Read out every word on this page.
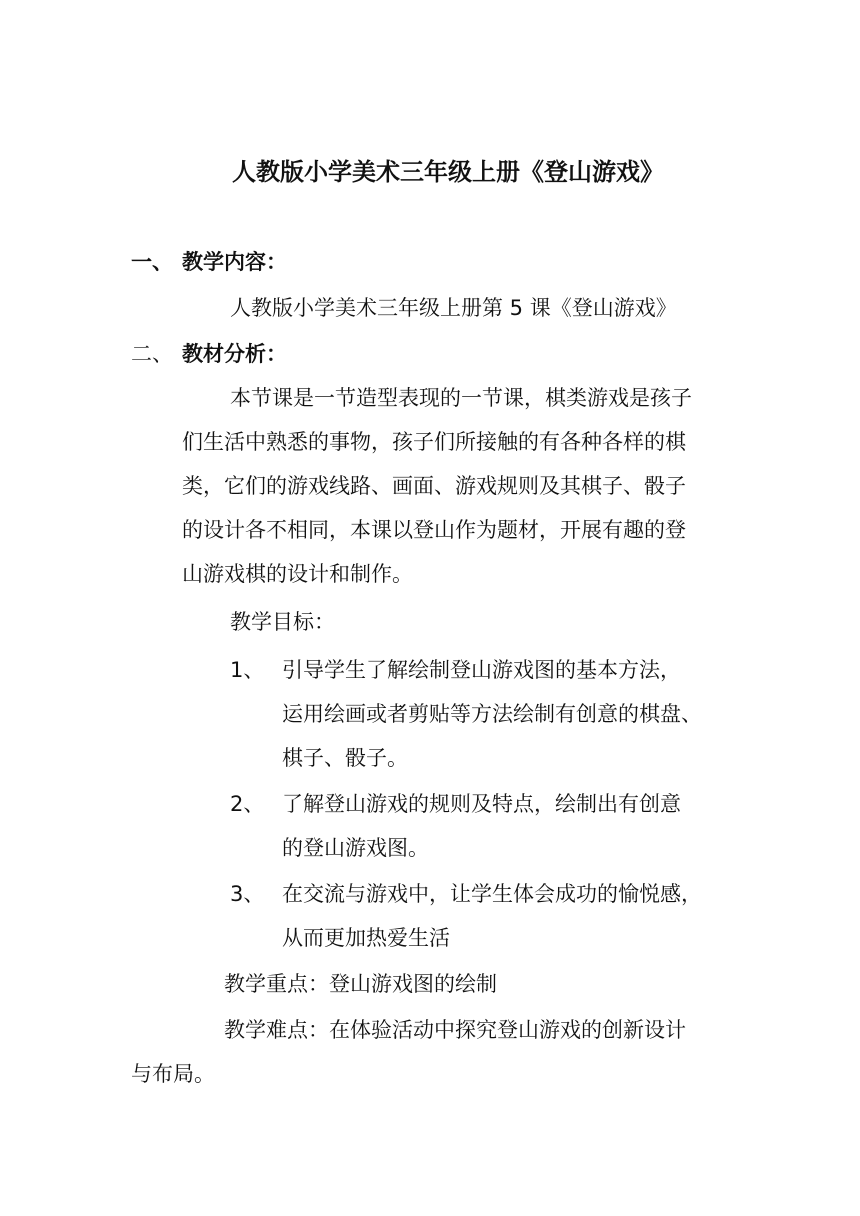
人教版小学美术三年级上册《登山游戏》
一、 教学内容：
人教版小学美术三年级上册第 5 课《登山游戏》
二、 教材分析：
本节课是一节造型表现的一节课，棋类游戏是孩子
们生活中熟悉的事物，孩子们所接触的有各种各样的棋
类，它们的游戏线路、画面、游戏规则及其棋子、骰子
的设计各不相同，本课以登山作为题材，开展有趣的登
山游戏棋的设计和制作。
教学目标：
1、 引导学生了解绘制登山游戏图的基本方法，
运用绘画或者剪贴等方法绘制有创意的棋盘、
棋子、骰子。
2、 了解登山游戏的规则及特点，绘制出有创意
的登山游戏图。
3、 在交流与游戏中，让学生体会成功的愉悦感，
从而更加热爱生活
教学重点：登山游戏图的绘制
教学难点：在体验活动中探究登山游戏的创新设计
与布局。
